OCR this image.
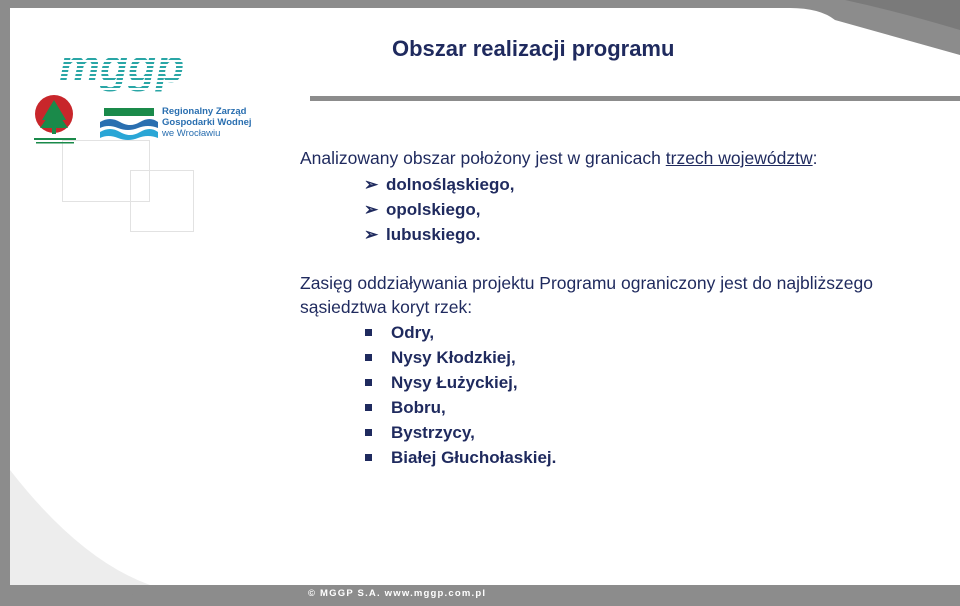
mggp
Regionalny Zarząd
Gospodarki Wodnej
we Wrocławiu
Obszar realizacji programu
Analizowany obszar położony jest w granicach trzech województw:
➢ dolnośląskiego,
➢ opolskiego,
➢ lubuskiego.
Zasięg oddziaływania projektu Programu ograniczony jest do najbliższego
sąsiedztwa koryt rzek:
Odry,
Nysy Kłodzkiej,
Nysy Łużyckiej,
Bobru,
Bystrzycy,
Białej Głuchołaskiej.
© MGGP S.A. www.mggp.com.pl
